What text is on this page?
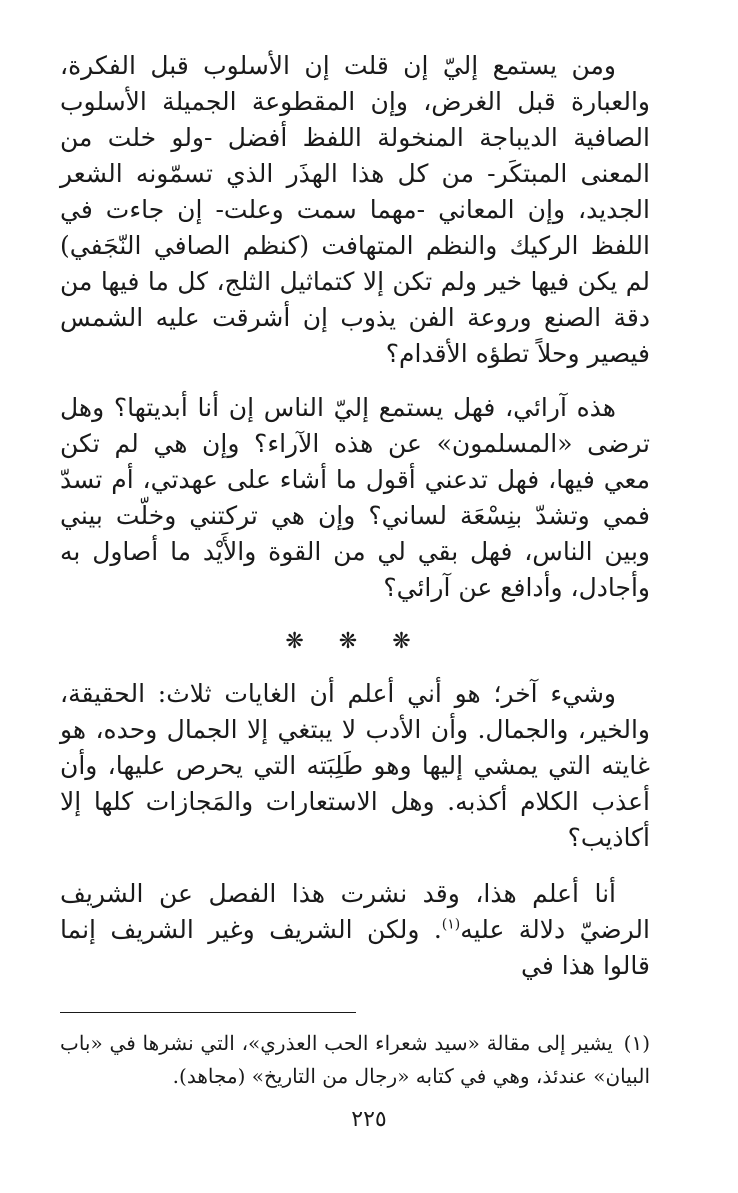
ومن يستمع إليّ إن قلت إن الأسلوب قبل الفكرة، والعبارة قبل الغرض، وإن المقطوعة الجميلة الأسلوب الصافية الديباجة المنخولة اللفظ أفضل -ولو خلت من المعنى المبتكَر- من كل هذا الهذَر الذي تسمّونه الشعر الجديد، وإن المعاني -مهما سمت وعلت- إن جاءت في اللفظ الركيك والنظم المتهافت (كنظم الصافي النّجَفي) لم يكن فيها خير ولم تكن إلا كتماثيل الثلج، كل ما فيها من دقة الصنع وروعة الفن يذوب إن أشرقت عليه الشمس فيصير وحلاً تطؤه الأقدام؟

هذه آرائي، فهل يستمع إليّ الناس إن أنا أبديتها؟ وهل ترضى «المسلمون» عن هذه الآراء؟ وإن هي لم تكن معي فيها، فهل تدعني أقول ما أشاء على عهدتي، أم تسدّ فمي وتشدّ بنِسْعَة لساني؟ وإن هي تركتني وخلّت بيني وبين الناس، فهل بقي لي من القوة والأَيْد ما أصاول به وأجادل، وأدافع عن آرائي؟

❋ ❋ ❋

وشيء آخر؛ هو أني أعلم أن الغايات ثلاث: الحقيقة، والخير، والجمال. وأن الأدب لا يبتغي إلا الجمال وحده، هو غايته التي يمشي إليها وهو طَلِبَته التي يحرص عليها، وأن أعذب الكلام أكذبه. وهل الاستعارات والمَجازات كلها إلا أكاذيب؟

أنا أعلم هذا، وقد نشرت هذا الفصل عن الشريف الرضيّ دلالة عليه$^{(١)}$. ولكن الشريف وغير الشريف إنما قالوا هذا في

(١) يشير إلى مقالة «سيد شعراء الحب العذري»، التي نشرها في «باب البيان» عندئذ، وهي في كتابه «رجال من التاريخ» (مجاهد).

٢٢٥
